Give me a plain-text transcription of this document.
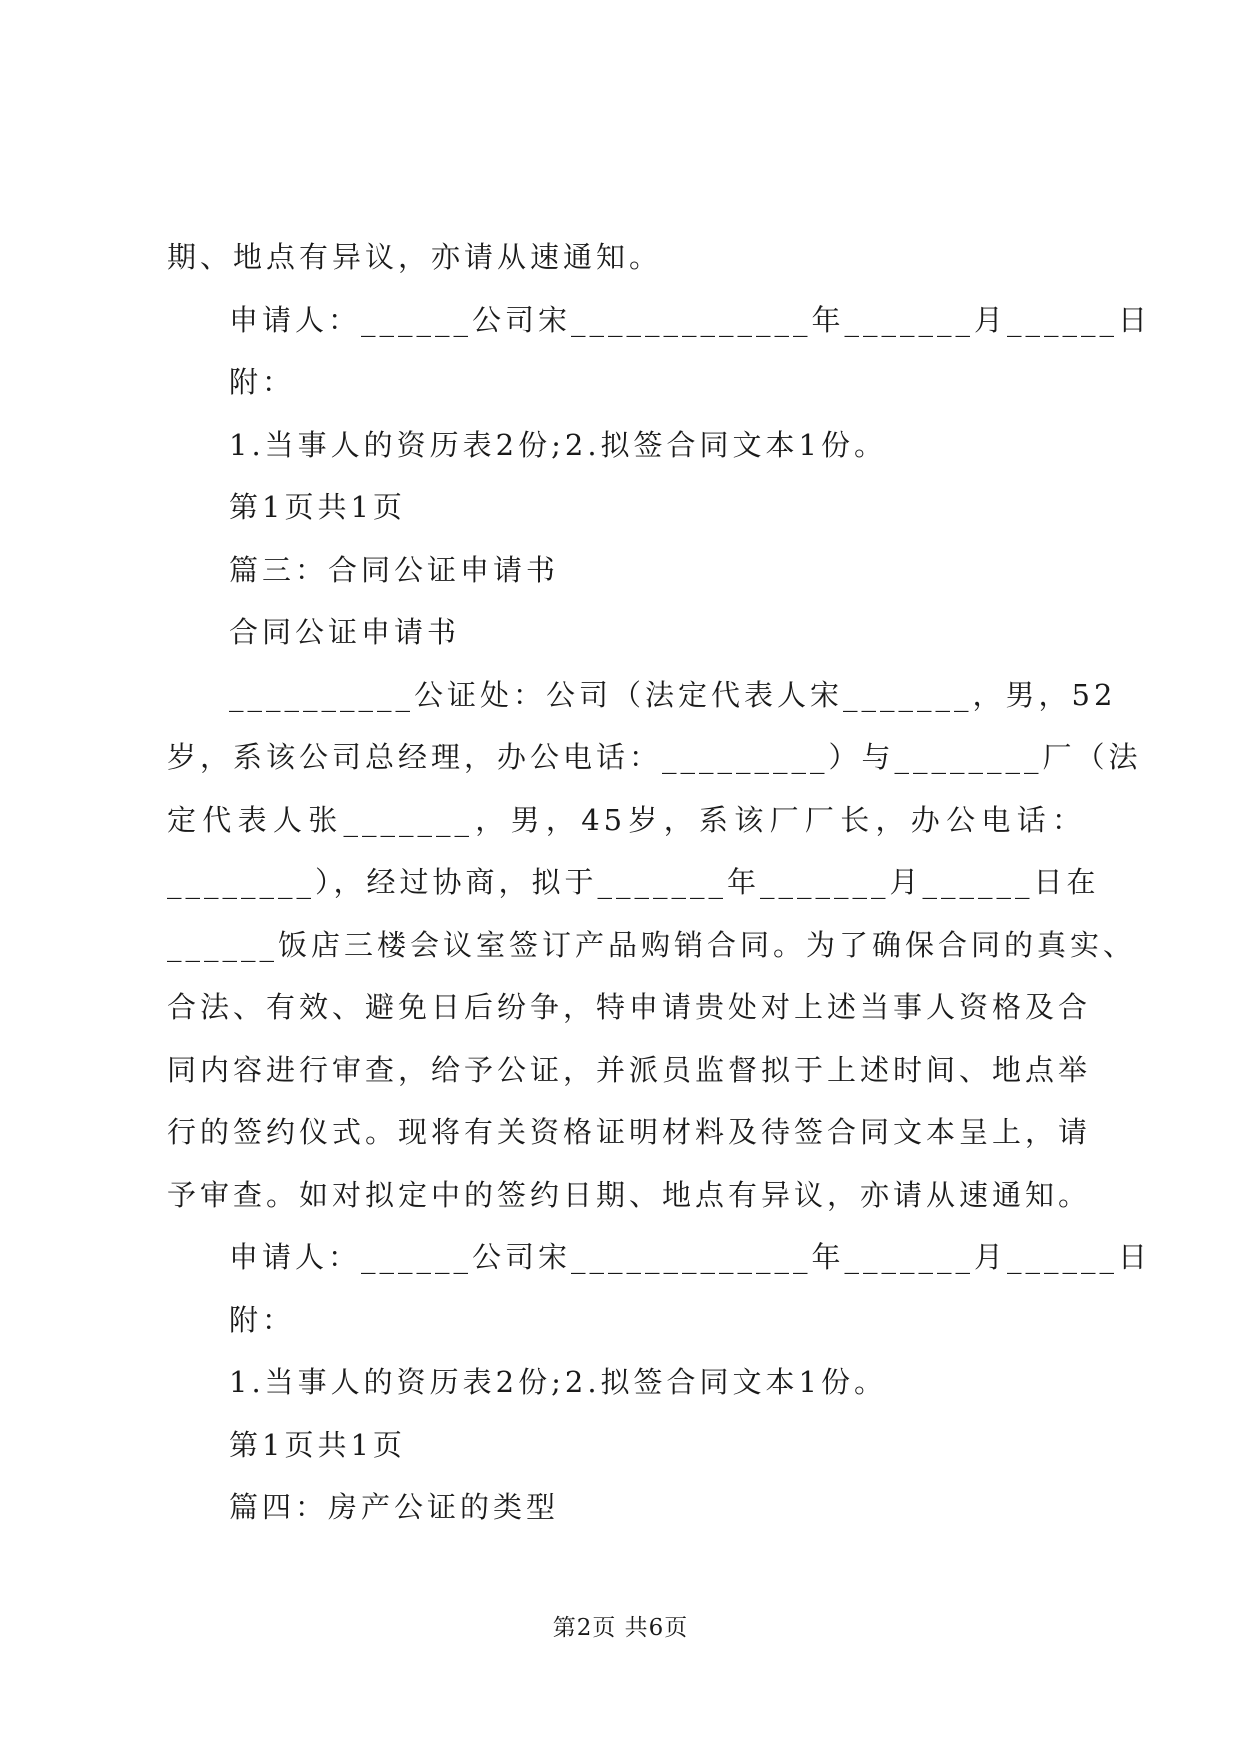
期、地点有异议，亦请从速通知。

申请人：______公司宋_____________年_______月______日

附：

1.当事人的资历表2份;2.拟签合同文本1份。

第1页共1页

篇三：合同公证申请书

合同公证申请书

__________公证处：公司（法定代表人宋_______，男，52

岁，系该公司总经理，办公电话：_________）与________厂（法

定代表人张_______，男，45岁，系该厂厂长，办公电话：

________），经过协商，拟于_______年_______月______日在

______饭店三楼会议室签订产品购销合同。为了确保合同的真实、

合法、有效、避免日后纷争，特申请贵处对上述当事人资格及合

同内容进行审查，给予公证，并派员监督拟于上述时间、地点举

行的签约仪式。现将有关资格证明材料及待签合同文本呈上，请

予审查。如对拟定中的签约日期、地点有异议，亦请从速通知。

申请人：______公司宋_____________年_______月______日

附：

1.当事人的资历表2份;2.拟签合同文本1份。

第1页共1页

篇四：房产公证的类型

第2页 共6页
